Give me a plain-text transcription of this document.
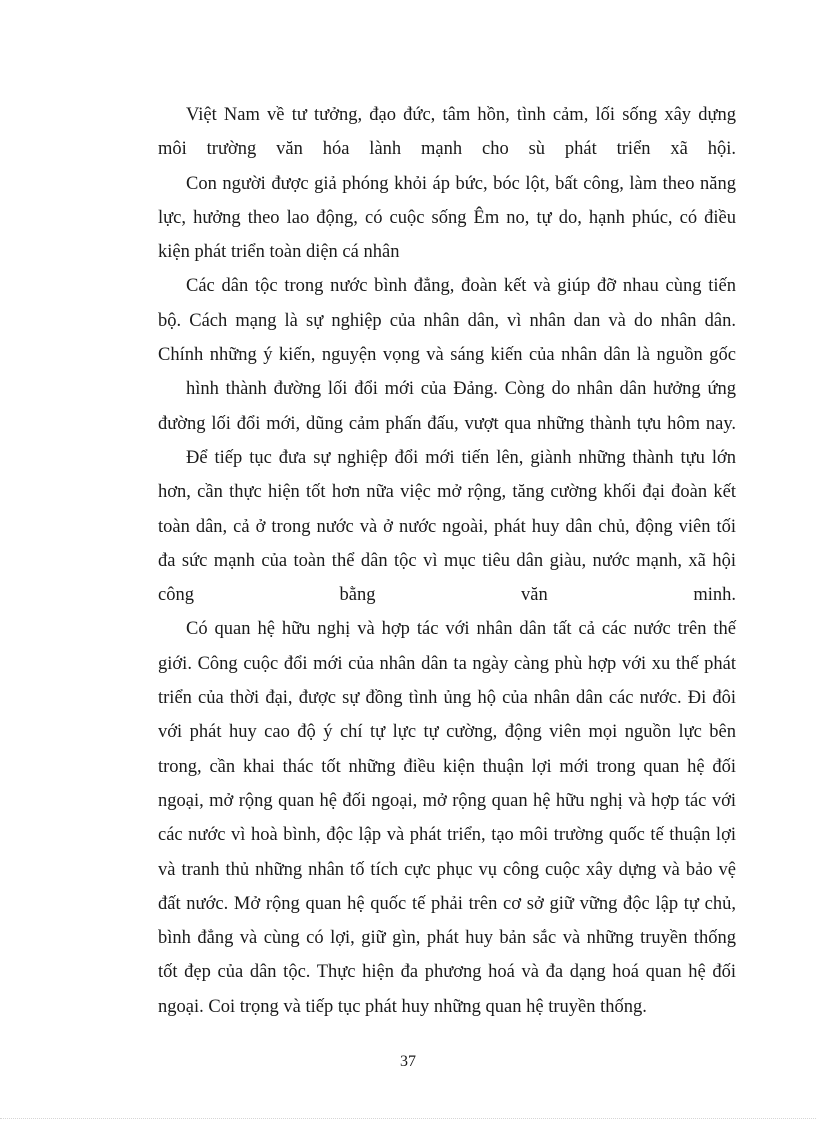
Việt Nam về tư tưởng, đạo đức, tâm hồn, tình cảm, lối sống xây dựng
môi trường văn hóa lành mạnh cho sù phát triển xã hội.
Con người được giả phóng khỏi áp bức, bóc lột, bất công, làm theo năng
lực, hưởng theo lao động, có cuộc sống Êm no, tự do, hạnh phúc, có điều
kiện phát triển toàn diện cá nhân
Các dân tộc trong nước bình đẳng, đoàn kết và giúp đỡ nhau cùng tiến
bộ. Cách mạng là sự nghiệp của nhân dân, vì nhân dan và do nhân dân.
Chính những ý kiến, nguyện vọng và sáng kiến của nhân dân là nguồn gốc
hình thành đường lối đổi mới của Đảng. Còng do nhân dân hưởng ứng
đường lối đổi mới, dũng cảm phấn đấu, vượt qua những thành tựu hôm nay.
Để tiếp tục đưa sự nghiệp đổi mới tiến lên, giành những thành tựu lớn
hơn, cần thực hiện tốt hơn nữa việc mở rộng, tăng cường khối đại đoàn kết
toàn dân, cả ở trong nước và ở nước ngoài, phát huy dân chủ, động viên tối
đa sức mạnh của toàn thể dân tộc vì mục tiêu dân giàu, nước mạnh, xã hội
công bằng văn minh.
Có quan hệ hữu nghị và hợp tác với nhân dân tất cả các nước trên thế
giới. Công cuộc đổi mới của nhân dân ta ngày càng phù hợp với xu thế phát
triển của thời đại, được sự đồng tình ủng hộ của nhân dân các nước. Đi đôi
với phát huy cao độ ý chí tự lực tự cường, động viên mọi nguồn lực bên
trong, cần khai thác tốt những điều kiện thuận lợi mới trong quan hệ đối
ngoại, mở rộng quan hệ đối ngoại, mở rộng quan hệ hữu nghị và hợp tác với
các nước vì hoà bình, độc lập và phát triển, tạo môi trường quốc tế thuận lợi
và tranh thủ những nhân tố tích cực phục vụ công cuộc xây dựng và bảo vệ
đất nước. Mở rộng quan hệ quốc tế phải trên cơ sở giữ vững độc lập tự chủ,
bình đẳng và cùng có lợi, giữ gìn, phát huy bản sắc và những truyền thống
tốt đẹp của dân tộc. Thực hiện đa phương hoá và đa dạng hoá quan hệ đối
ngoại. Coi trọng và tiếp tục phát huy những quan hệ truyền thống.
37
